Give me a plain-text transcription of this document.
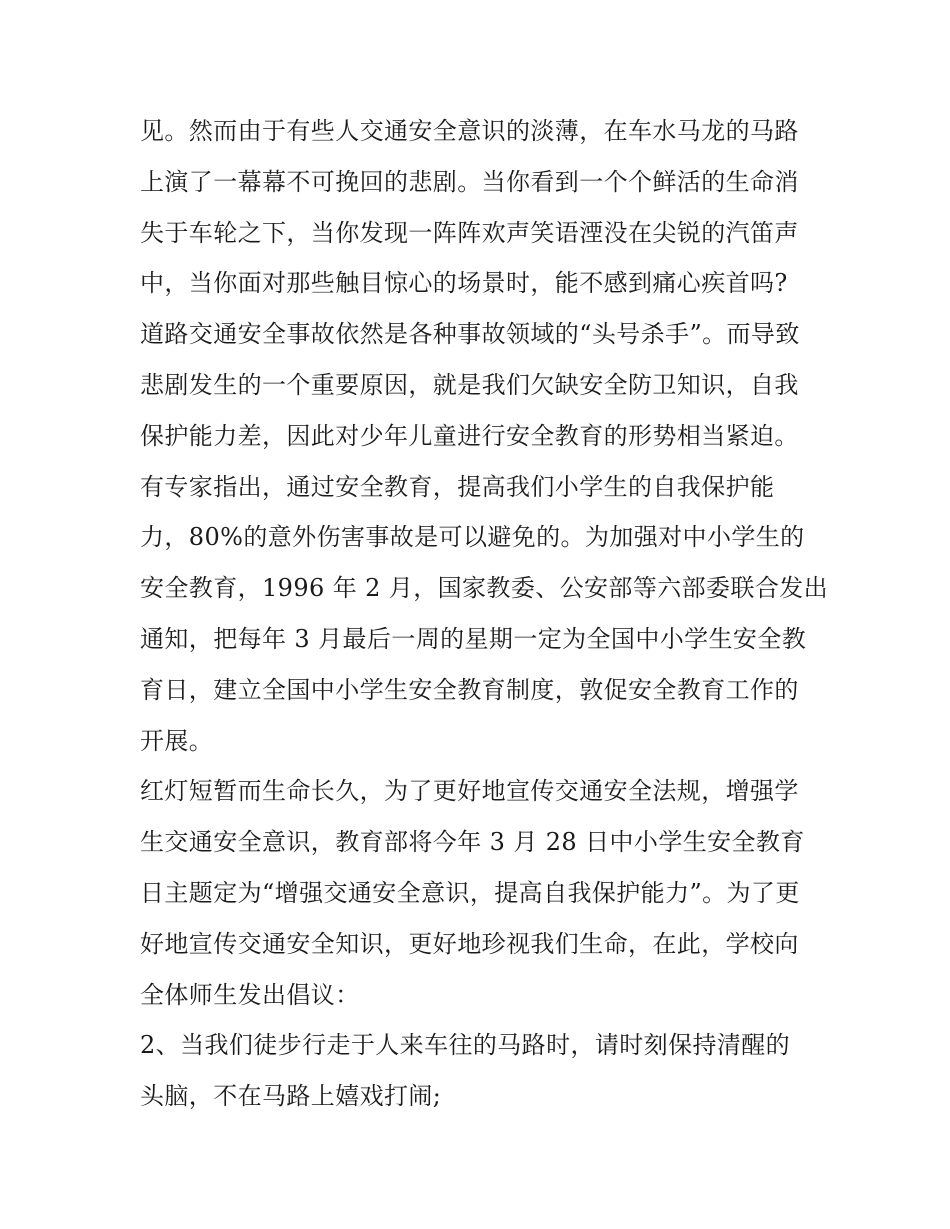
见。然而由于有些人交通安全意识的淡薄，在车水马龙的马路
上演了一幕幕不可挽回的悲剧。当你看到一个个鲜活的生命消
失于车轮之下，当你发现一阵阵欢声笑语湮没在尖锐的汽笛声
中，当你面对那些触目惊心的场景时，能不感到痛心疾首吗?
道路交通安全事故依然是各种事故领域的“头号杀手”。而导致
悲剧发生的一个重要原因，就是我们欠缺安全防卫知识，自我
保护能力差，因此对少年儿童进行安全教育的形势相当紧迫。
有专家指出，通过安全教育，提高我们小学生的自我保护能
力，80%的意外伤害事故是可以避免的。为加强对中小学生的
安全教育，1996 年 2 月，国家教委、公安部等六部委联合发出
通知，把每年 3 月最后一周的星期一定为全国中小学生安全教
育日，建立全国中小学生安全教育制度，敦促安全教育工作的
开展。
红灯短暂而生命长久，为了更好地宣传交通安全法规，增强学
生交通安全意识，教育部将今年 3 月 28 日中小学生安全教育
日主题定为“增强交通安全意识，提高自我保护能力”。为了更
好地宣传交通安全知识，更好地珍视我们生命，在此，学校向
全体师生发出倡议：
2、当我们徒步行走于人来车往的马路时，请时刻保持清醒的
头脑，不在马路上嬉戏打闹;
